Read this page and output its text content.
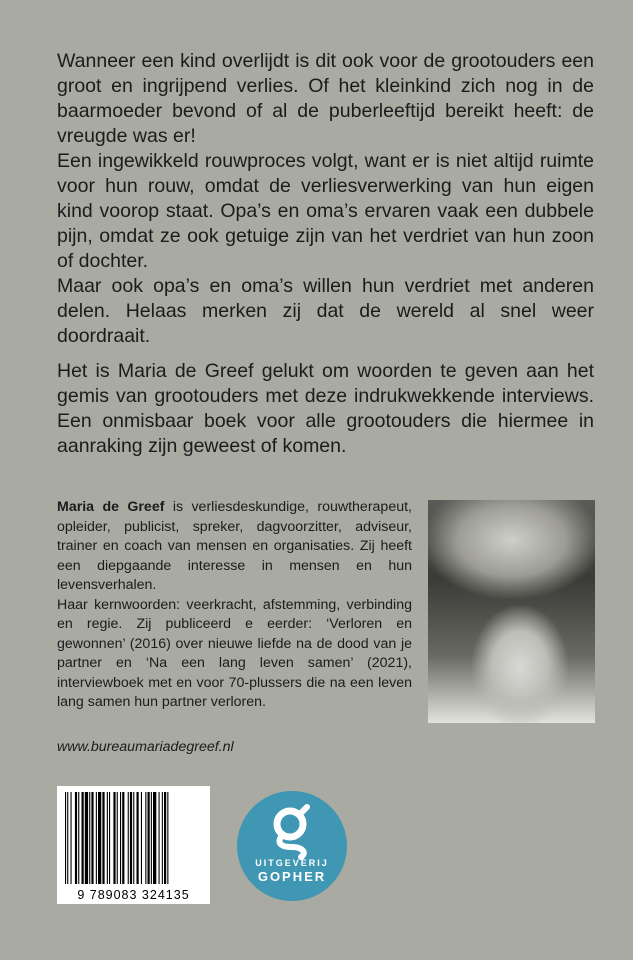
Wanneer een kind overlijdt is dit ook voor de grootouders een groot en ingrijpend verlies. Of het kleinkind zich nog in de baarmoeder bevond of al de puberleeftijd bereikt heeft: de vreugde was er!
Een ingewikkeld rouwproces volgt, want er is niet altijd ruimte voor hun rouw, omdat de verliesverwerking van hun eigen kind voorop staat. Opa’s en oma’s ervaren vaak een dubbele pijn, omdat ze ook getuige zijn van het verdriet van hun zoon of dochter.
Maar ook opa’s en oma’s willen hun verdriet met anderen delen. Helaas merken zij dat de wereld al snel weer doordraait.

Het is Maria de Greef gelukt om woorden te geven aan het gemis van grootouders met deze indrukwekkende interviews. Een onmisbaar boek voor alle grootouders die hiermee in aanraking zijn geweest of komen.

Maria de Greef is verliesdeskundige, rouwtherapeut, opleider, publicist, spreker, dagvoorzitter, adviseur, trainer en coach van mensen en organisaties. Zij heeft een diepgaande interesse in mensen en hun levensverhalen.
Haar kernwoorden: veerkracht, afstemming, verbinding en regie. Zij publiceerd e eerder: ‘Verloren en gewonnen’ (2016) over nieuwe liefde na de dood van je partner en ‘Na een lang leven samen’ (2021), interviewboek met en voor 70-plussers die na een leven lang samen hun partner verloren.

www.bureaumariadegreef.nl

9 789083 324135
UITGEVERIJ
GOPHER
